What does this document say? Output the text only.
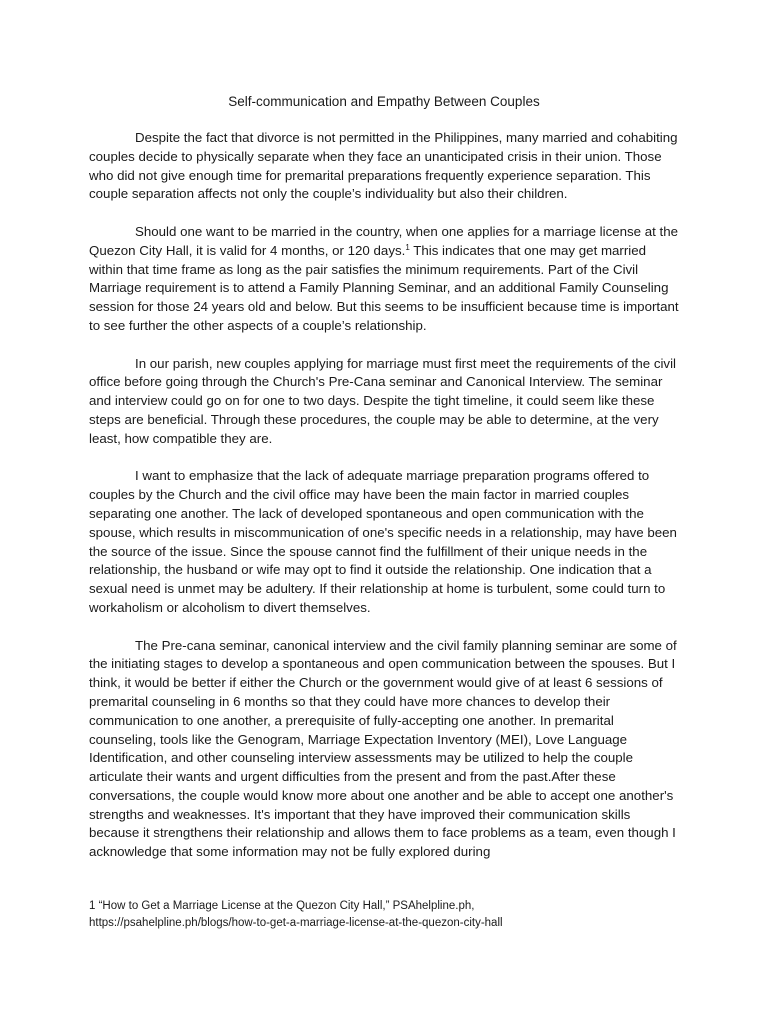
Self-communication and Empathy Between Couples

Despite the fact that divorce is not permitted in the Philippines, many married and cohabiting couples decide to physically separate when they face an unanticipated crisis in their union. Those who did not give enough time for premarital preparations frequently experience separation. This couple separation affects not only the couple’s individuality but also their children.

Should one want to be married in the country, when one applies for a marriage license at the Quezon City Hall, it is valid for 4 months, or 120 days.$^1$ This indicates that one may get married within that time frame as long as the pair satisfies the minimum requirements. Part of the Civil Marriage requirement is to attend a Family Planning Seminar, and an additional Family Counseling session for those 24 years old and below. But this seems to be insufficient because time is important to see further the other aspects of a couple’s relationship.

In our parish, new couples applying for marriage must first meet the requirements of the civil office before going through the Church's Pre-Cana seminar and Canonical Interview. The seminar and interview could go on for one to two days. Despite the tight timeline, it could seem like these steps are beneficial. Through these procedures, the couple may be able to determine, at the very least, how compatible they are.

I want to emphasize that the lack of adequate marriage preparation programs offered to couples by the Church and the civil office may have been the main factor in married couples separating one another. The lack of developed spontaneous and open communication with the spouse, which results in miscommunication of one's specific needs in a relationship, may have been the source of the issue. Since the spouse cannot find the fulfillment of their unique needs in the relationship, the husband or wife may opt to find it outside the relationship. One indication that a sexual need is unmet may be adultery. If their relationship at home is turbulent, some could turn to workaholism or alcoholism to divert themselves.

The Pre-cana seminar, canonical interview and the civil family planning seminar are some of the initiating stages to develop a spontaneous and open communication between the spouses. But I think, it would be better if either the Church or the government would give of at least 6 sessions of premarital counseling in 6 months so that they could have more chances to develop their communication to one another, a prerequisite of fully-accepting one another. In premarital counseling, tools like the Genogram, Marriage Expectation Inventory (MEI), Love Language Identification, and other counseling interview assessments may be utilized to help the couple articulate their wants and urgent difficulties from the present and from the past.After these conversations, the couple would know more about one another and be able to accept one another's strengths and weaknesses. It's important that they have improved their communication skills because it strengthens their relationship and allows them to face problems as a team, even though I acknowledge that some information may not be fully explored during

1 “How to Get a Marriage License at the Quezon City Hall,” PSAhelpline.ph,

https://psahelpline.ph/blogs/how-to-get-a-marriage-license-at-the-quezon-city-hall
